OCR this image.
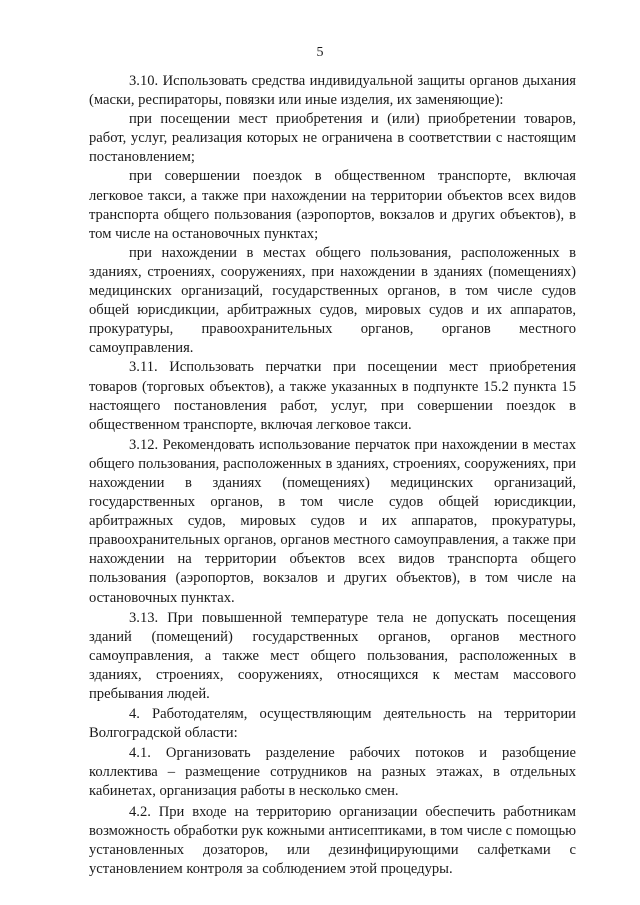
5

3.10. Использовать средства индивидуальной защиты органов дыхания (маски, респираторы, повязки или иные изделия, их заменяющие):

при посещении мест приобретения и (или) приобретении товаров, работ, услуг, реализация которых не ограничена в соответствии с настоящим постановлением;

при совершении поездок в общественном транспорте, включая легковое такси, а также при нахождении на территории объектов всех видов транспорта общего пользования (аэропортов, вокзалов и других объектов), в том числе на остановочных пунктах;

при нахождении в местах общего пользования, расположенных в зданиях, строениях, сооружениях, при нахождении в зданиях (помещениях) медицинских организаций, государственных органов, в том числе судов общей юрисдикции, арбитражных судов, мировых судов и их аппаратов, прокуратуры, правоохранительных органов, органов местного самоуправления.

3.11. Использовать перчатки при посещении мест приобретения товаров (торговых объектов), а также указанных в подпункте 15.2 пункта 15 настоящего постановления работ, услуг, при совершении поездок в общественном транспорте, включая легковое такси.

3.12. Рекомендовать использование перчаток при нахождении в местах общего пользования, расположенных в зданиях, строениях, сооружениях, при нахождении в зданиях (помещениях) медицинских организаций, государственных органов, в том числе судов общей юрисдикции, арбитражных судов, мировых судов и их аппаратов, прокуратуры, правоохранительных органов, органов местного самоуправления, а также при нахождении на территории объектов всех видов транспорта общего пользования (аэропортов, вокзалов и других объектов), в том числе на остановочных пунктах.

3.13. При повышенной температуре тела не допускать посещения зданий (помещений) государственных органов, органов местного самоуправления, а также мест общего пользования, расположенных в зданиях, строениях, сооружениях, относящихся к местам массового пребывания людей.

4. Работодателям, осуществляющим деятельность на территории Волгоградской области:

4.1. Организовать разделение рабочих потоков и разобщение коллектива – размещение сотрудников на разных этажах, в отдельных кабинетах, организация работы в несколько смен.

4.2. При входе на территорию организации обеспечить работникам возможность обработки рук кожными антисептиками, в том числе с помощью установленных дозаторов, или дезинфицирующими салфетками с установлением контроля за соблюдением этой процедуры.
